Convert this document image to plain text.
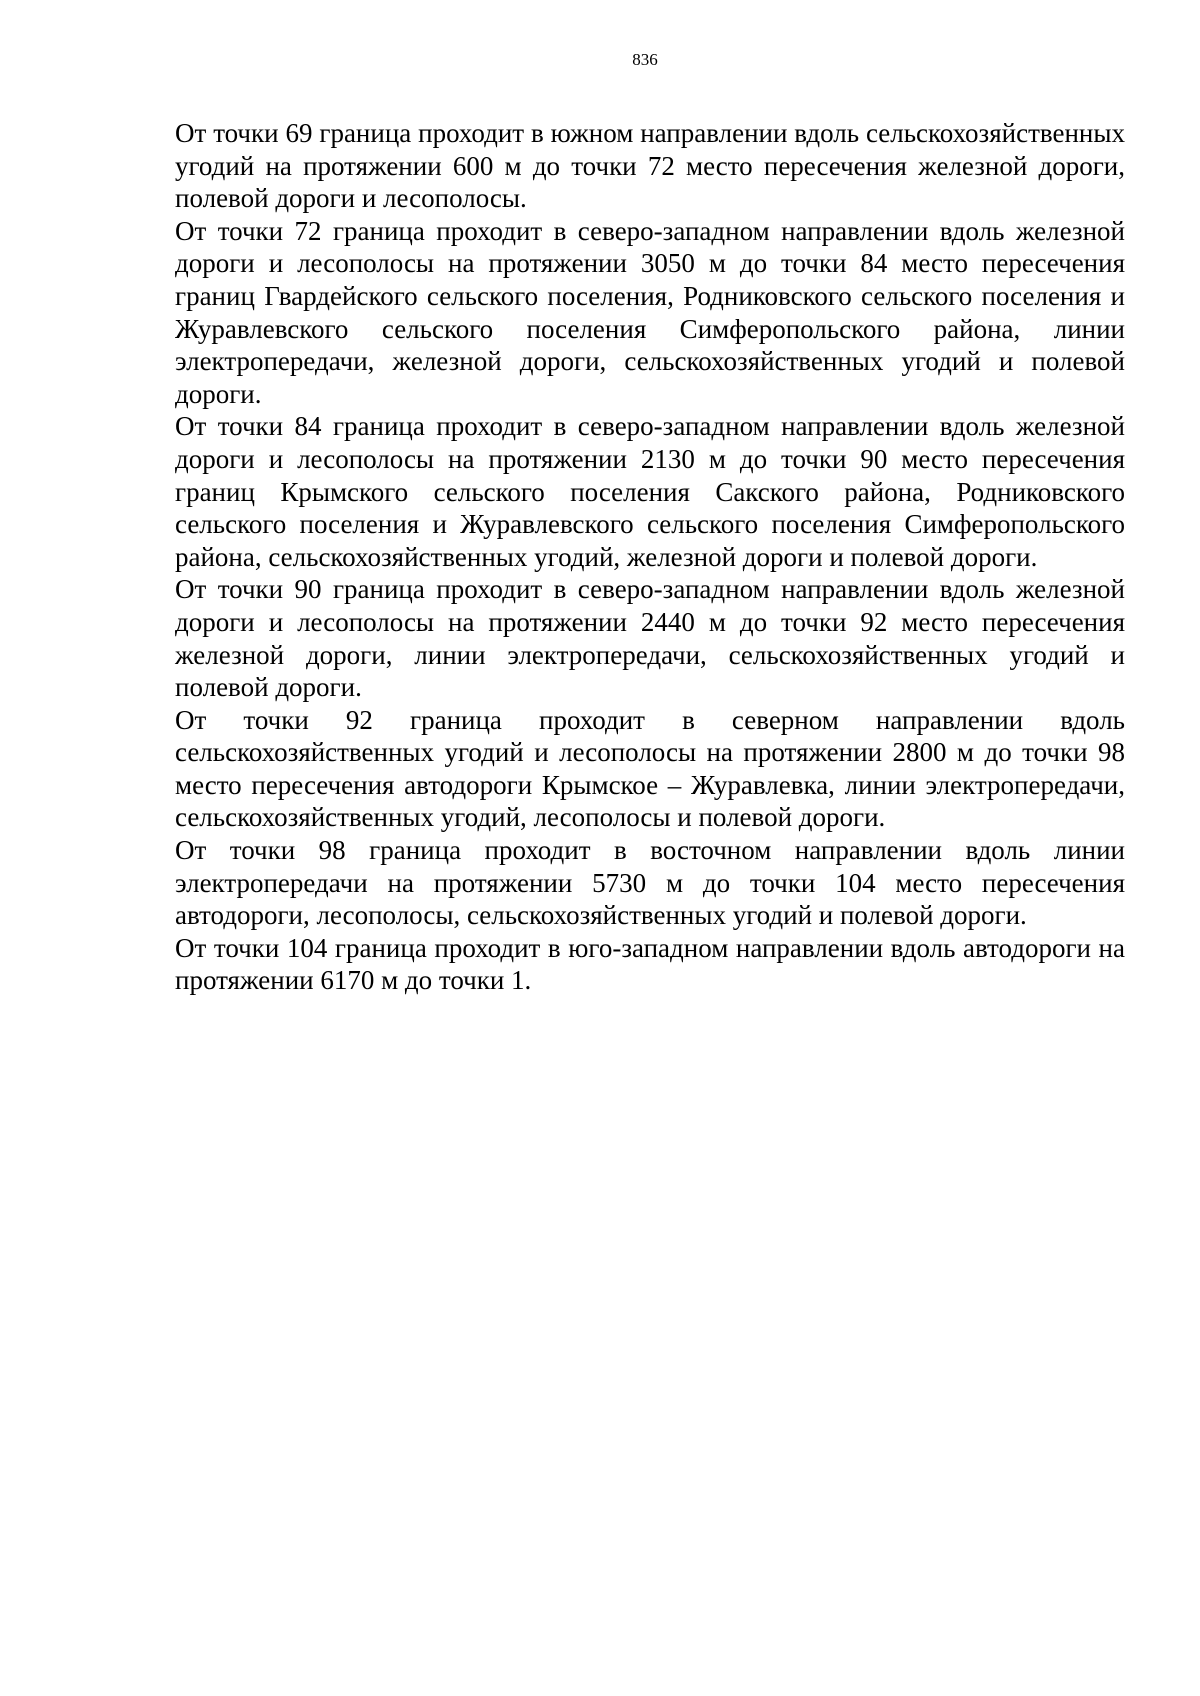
836

От точки 69 граница проходит в южном направлении вдоль сельскохозяйственных угодий на протяжении 600 м до точки 72 место пересечения железной дороги, полевой дороги и лесополосы.

От точки 72 граница проходит в северо-западном направлении вдоль железной дороги и лесополосы на протяжении 3050 м до точки 84 место пересечения границ Гвардейского сельского поселения, Родниковского сельского поселения и Журавлевского сельского поселения Симферопольского района, линии электропередачи, железной дороги, сельскохозяйственных угодий и полевой дороги.

От точки 84 граница проходит в северо-западном направлении вдоль железной дороги и лесополосы на протяжении 2130 м до точки 90 место пересечения границ Крымского сельского поселения Сакского района, Родниковского сельского поселения и Журавлевского сельского поселения Симферопольского района, сельскохозяйственных угодий, железной дороги и полевой дороги.

От точки 90 граница проходит в северо-западном направлении вдоль железной дороги и лесополосы на протяжении 2440 м до точки 92 место пересечения железной дороги, линии электропередачи, сельскохозяйственных угодий и полевой дороги.

От точки 92 граница проходит в северном направлении вдоль сельскохозяйственных угодий и лесополосы на протяжении 2800 м до точки 98 место пересечения автодороги Крымское – Журавлевка, линии электропередачи, сельскохозяйственных угодий, лесополосы и полевой дороги.

От точки 98 граница проходит в восточном направлении вдоль линии электропередачи на протяжении 5730 м до точки 104 место пересечения автодороги, лесополосы, сельскохозяйственных угодий и полевой дороги.

От точки 104 граница проходит в юго-западном направлении вдоль автодороги на протяжении 6170 м до точки 1.
